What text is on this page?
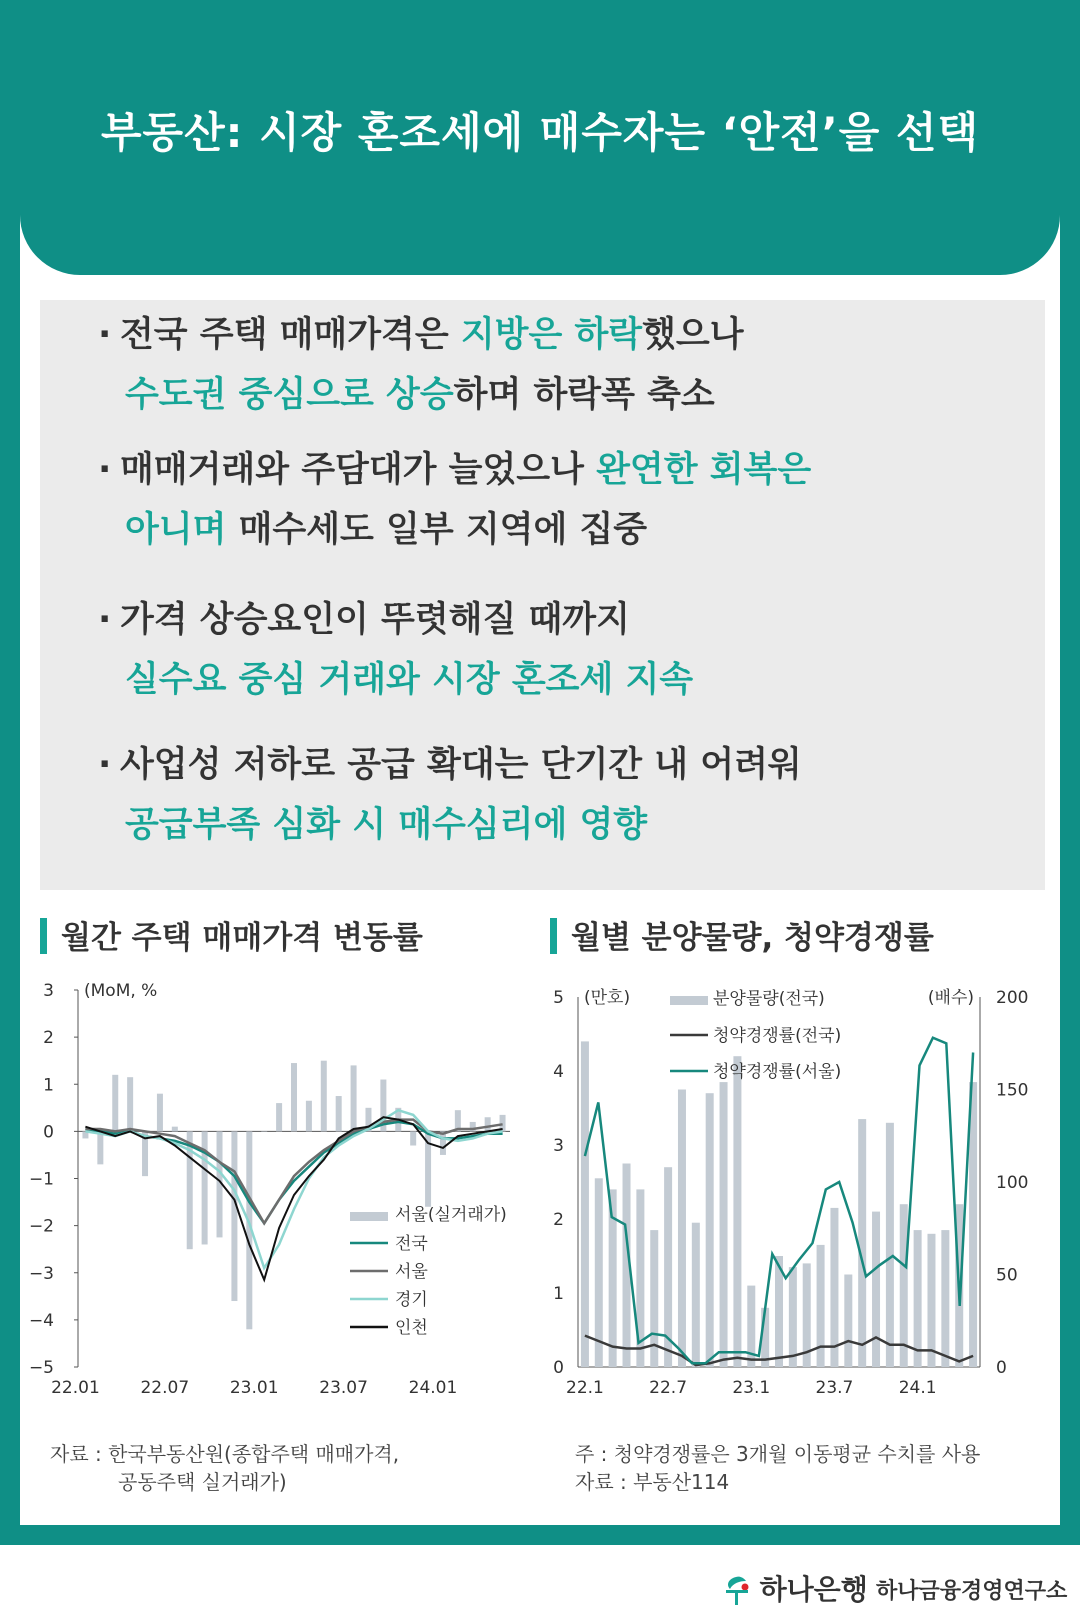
부동산: 시장 혼조세에 매수자는 ‘안전’을 선택
· 전국 주택 매매가격은 지방은 하락했으나
수도권 중심으로 상승하며 하락폭 축소
· 매매거래와 주담대가 늘었으나 완연한 회복은
아니며 매수세도 일부 지역에 집중
· 가격 상승요인이 뚜렷해질 때까지
실수요 중심 거래와 시장 혼조세 지속
· 사업성 저하로 공급 확대는 단기간 내 어려워
공급부족 심화 시 매수심리에 영향
월간 주택 매매가격 변동률	월별 분양물량, 청약경쟁률
3
2
1
0
−1
−2
−3
−4
−5
(MoM, %
22.01 22.07 23.01 23.07 24.01
서울(실거래가)
전국
서울
경기
인천
5
4
3
2
1
0
200
150
100
50
0
(만호)	(배수)
22.1	22.7	23.1	23.7	24.1
분양물량(전국)
청약경쟁률(전국)
청약경쟁률(서울)
자료 : 한국부동산원(종합주택 매매가격,
공동주택 실거래가)
주 : 청약경쟁률은 3개월 이동평균 수치를 사용
자료 : 부동산114
하나은행 하나금융경영연구소
